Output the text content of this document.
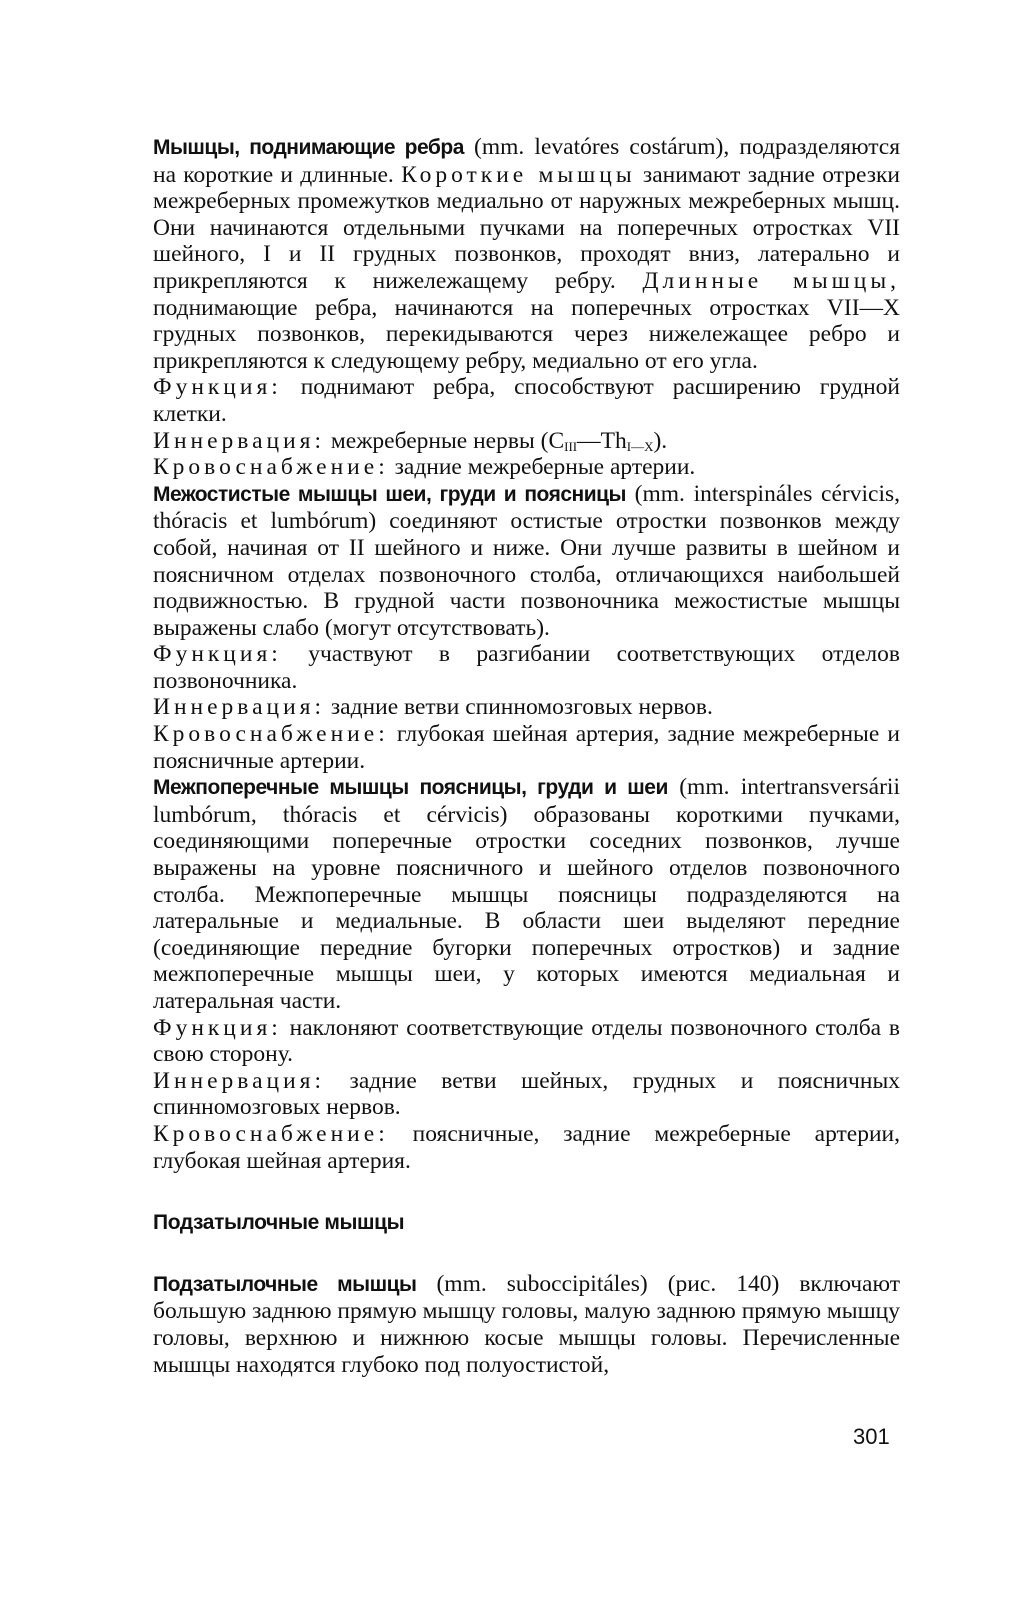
Мышцы, поднимающие ребра (mm. levatóres costárum), подразделяются на короткие и длинные. Короткие мышцы занимают задние отрезки межреберных промежутков медиально от наружных межреберных мышц. Они начинаются отдельными пучками на поперечных отростках VII шейного, I и II грудных позвонков, проходят вниз, латерально и прикрепляются к нижележащему ребру. Длинные мышцы, поднимающие ребра, начинаются на поперечных отростках VII—X грудных позвонков, перекидываются через нижележащее ребро и прикрепляются к следующему ребру, медиально от его угла.

Функция: поднимают ребра, способствуют расширению грудной клетки.

Иннервация: межреберные нервы $(C_{III}—Th_{I—X})$.

Кровоснабжение: задние межреберные артерии.

Межостистые мышцы шеи, груди и поясницы (mm. interspináles cérvicis, thóracis et lumbórum) соединяют остистые отростки позвонков между собой, начиная от II шейного и ниже. Они лучше развиты в шейном и поясничном отделах позвоночного столба, отличающихся наибольшей подвижностью. В грудной части позвоночника межостистые мышцы выражены слабо (могут отсутствовать).

Функция: участвуют в разгибании соответствующих отделов позвоночника.

Иннервация: задние ветви спинномозговых нервов.

Кровоснабжение: глубокая шейная артерия, задние межреберные и поясничные артерии.

Межпоперечные мышцы поясницы, груди и шеи (mm. intertransversárii lumbórum, thóracis et cérvicis) образованы короткими пучками, соединяющими поперечные отростки соседних позвонков, лучше выражены на уровне поясничного и шейного отделов позвоночного столба. Межпоперечные мышцы поясницы подразделяются на латеральные и медиальные. В области шеи выделяют передние (соединяющие передние бугорки поперечных отростков) и задние межпоперечные мышцы шеи, у которых имеются медиальная и латеральная части.

Функция: наклоняют соответствующие отделы позвоночного столба в свою сторону.

Иннервация: задние ветви шейных, грудных и поясничных спинномозговых нервов.

Кровоснабжение: поясничные, задние межреберные артерии, глубокая шейная артерия.

Подзатылочные мышцы

Подзатылочные мышцы (mm. suboccipitáles) (рис. 140) включают большую заднюю прямую мышцу головы, малую заднюю прямую мышцу головы, верхнюю и нижнюю косые мышцы головы. Перечисленные мышцы находятся глубоко под полуостистой,

301
